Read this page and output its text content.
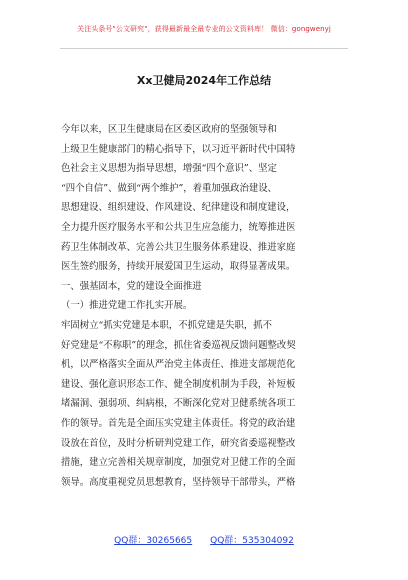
关注头条号"公文研究"，获得最新最全最专业的公文资料库！ 微信：gongwenyj
Xx卫健局2024年工作总结
今年以来，区卫生健康局在区委区政府的坚强领导和
上级卫生健康部门的精心指导下，以习近平新时代中国特
色社会主义思想为指导思想，增强“四个意识”、坚定
“四个自信”、做到“两个维护”，着重加强政治建设、
思想建设、组织建设、作风建设、纪律建设和制度建设，
全力提升医疗服务水平和公共卫生应急能力，统筹推进医
药卫生体制改革、完善公共卫生服务体系建设、推进家庭
医生签约服务，持续开展爱国卫生运动，取得显著成果。
一、强基固本，党的建设全面推进
（一）推进党建工作扎实开展。
牢固树立“抓实党建是本职，不抓党建是失职，抓不
好党建是“不称职”的理念，抓住省委巡视反馈问题整改契
机，以严格落实全面从严治党主体责任、推进支部规范化
建设、强化意识形态工作、健全制度机制为手段，补短板
堵漏洞、强弱项、纠病根，不断深化党对卫健系统各项工
作的领导。首先是全面压实党建主体责任。将党的政治建
设放在首位，及时分析研判党建工作，研究省委巡视整改
措施，建立完善相关规章制度，加强党对卫健工作的全面
领导。高度重视党员思想教育，坚持领导干部带头，严格
QQ群：30265665 QQ群：535304092
